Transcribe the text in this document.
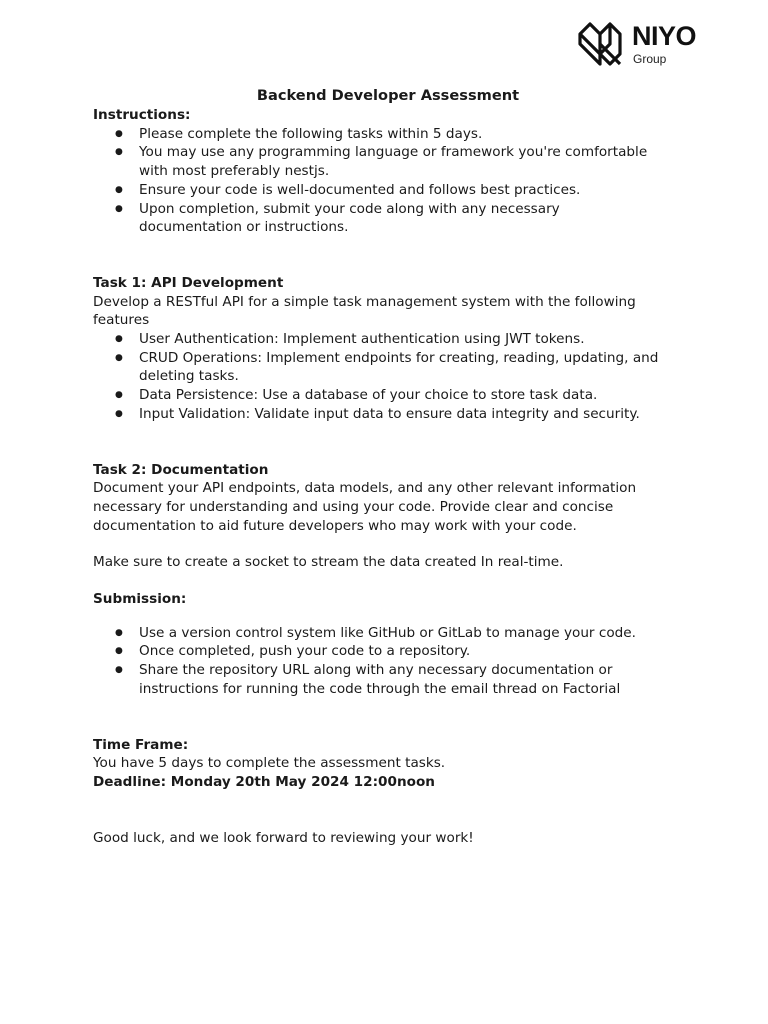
NIYO
Group
Backend Developer Assessment
Instructions:
● Please complete the following tasks within 5 days.
● You may use any programming language or framework you're comfortable with most preferably nestjs.
● Ensure your code is well-documented and follows best practices.
● Upon completion, submit your code along with any necessary documentation or instructions.
Task 1: API Development

Develop a RESTful API for a simple task management system with the following features

● User Authentication: Implement authentication using JWT tokens.
● CRUD Operations: Implement endpoints for creating, reading, updating, and deleting tasks.
● Data Persistence: Use a database of your choice to store task data.
● Input Validation: Validate input data to ensure data integrity and security.
Task 2: Documentation

Document your API endpoints, data models, and any other relevant information necessary for understanding and using your code. Provide clear and concise documentation to aid future developers who may work with your code.

Make sure to create a socket to stream the data created In real-time.

Submission:
● Use a version control system like GitHub or GitLab to manage your code.
● Once completed, push your code to a repository.
● Share the repository URL along with any necessary documentation or instructions for running the code through the email thread on Factorial
Time Frame:

You have 5 days to complete the assessment tasks.

Deadline: Monday 20th May 2024 12:00noon

Good luck, and we look forward to reviewing your work!
